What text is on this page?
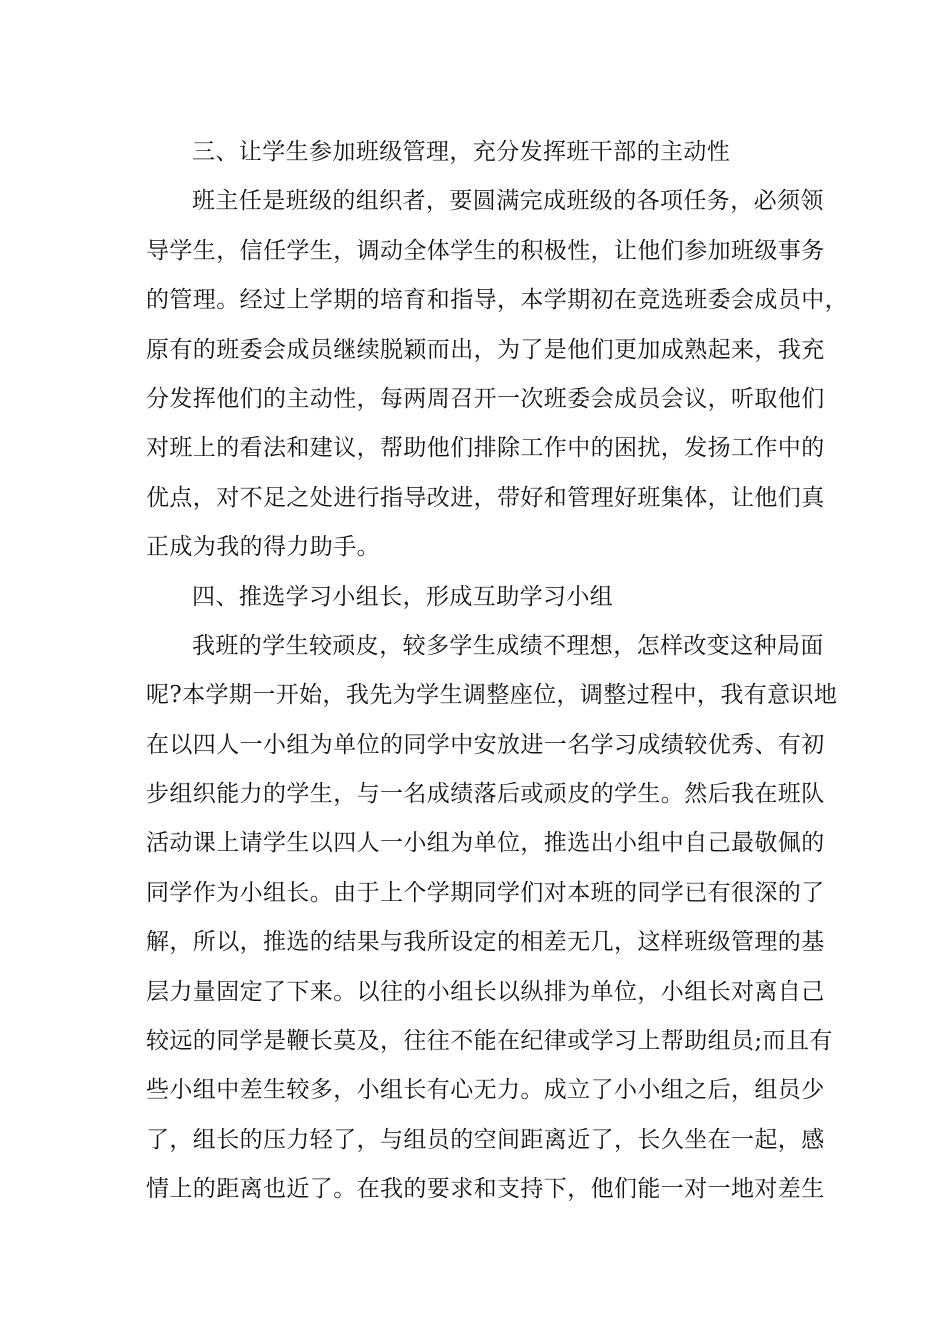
三、让学生参加班级管理，充分发挥班干部的主动性
班主任是班级的组织者，要圆满完成班级的各项任务，必须领
导学生，信任学生，调动全体学生的积极性，让他们参加班级事务
的管理。经过上学期的培育和指导，本学期初在竞选班委会成员中，
原有的班委会成员继续脱颖而出，为了是他们更加成熟起来，我充
分发挥他们的主动性，每两周召开一次班委会成员会议，听取他们
对班上的看法和建议，帮助他们排除工作中的困扰，发扬工作中的
优点，对不足之处进行指导改进，带好和管理好班集体，让他们真
正成为我的得力助手。
四、推选学习小组长，形成互助学习小组
我班的学生较顽皮，较多学生成绩不理想，怎样改变这种局面
呢?本学期一开始，我先为学生调整座位，调整过程中，我有意识地
在以四人一小组为单位的同学中安放进一名学习成绩较优秀、有初
步组织能力的学生，与一名成绩落后或顽皮的学生。然后我在班队
活动课上请学生以四人一小组为单位，推选出小组中自己最敬佩的
同学作为小组长。由于上个学期同学们对本班的同学已有很深的了
解，所以，推选的结果与我所设定的相差无几，这样班级管理的基
层力量固定了下来。以往的小组长以纵排为单位，小组长对离自己
较远的同学是鞭长莫及，往往不能在纪律或学习上帮助组员;而且有
些小组中差生较多，小组长有心无力。成立了小小组之后，组员少
了，组长的压力轻了，与组员的空间距离近了，长久坐在一起，感
情上的距离也近了。在我的要求和支持下，他们能一对一地对差生
